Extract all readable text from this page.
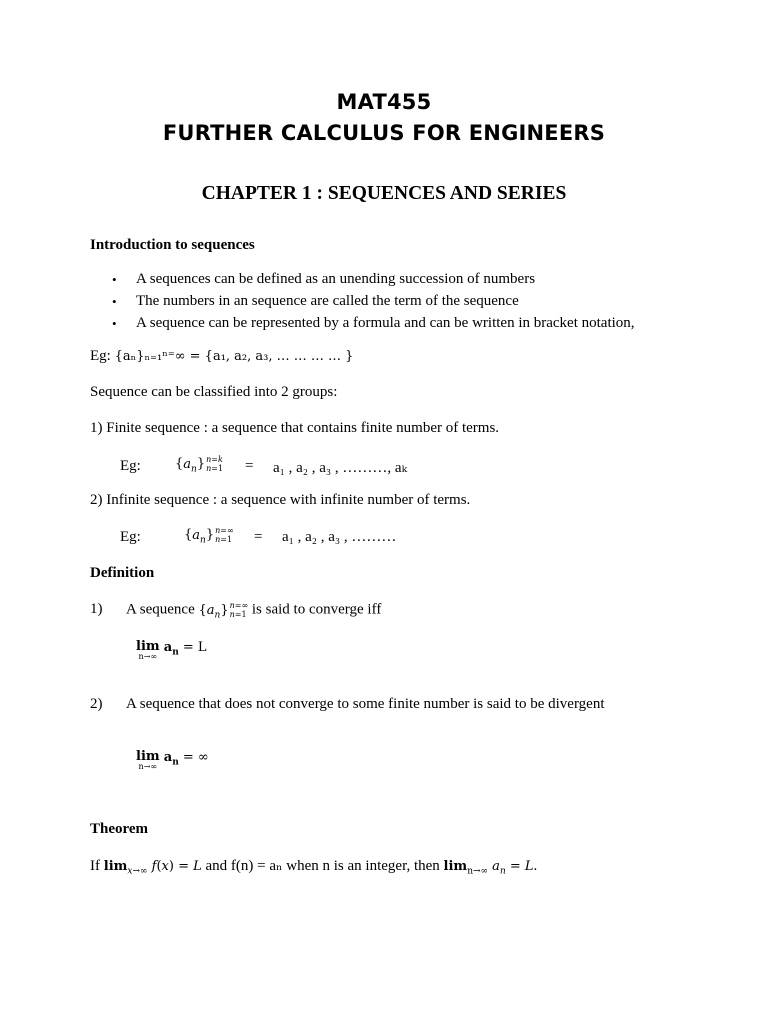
MAT455
FURTHER CALCULUS FOR ENGINEERS
CHAPTER 1 : SEQUENCES AND SERIES
Introduction to sequences
• A sequences can be defined as an unending succession of numbers
• The numbers in an sequence are called the term of the sequence
• A sequence can be represented by a formula and can be written in bracket notation,
Eg: {aₙ}ₙ₌₁ⁿ⁼∞ = {a₁, a₂, a₃, … … … … }
Sequence can be classified into 2 groups:
1) Finite sequence : a sequence that contains finite number of terms.
Eg:	$\{a_n\}$ n=k
n=1 = a₁ , a₂ , a₃ , ………, aₖ
2) Infinite sequence : a sequence with infinite number of terms.
Eg:	$\{a_n\}$ n=∞
n=1 = a₁ , a₂ , a₃ , ………
Definition
1) A sequence $\{a_n\}$ n=∞
n=1 is said to converge iff
lim
n→∞
$a_n = L$
2) A sequence that does not converge to some finite number is said to be divergent
lim
n→∞
$a_n$ = ∞
Theorem
If $\lim_{x\to\infty} f(x) = L$ and f(n) = aₙ when n is an integer, then $\lim_{n\to\infty} a_n = L$.
